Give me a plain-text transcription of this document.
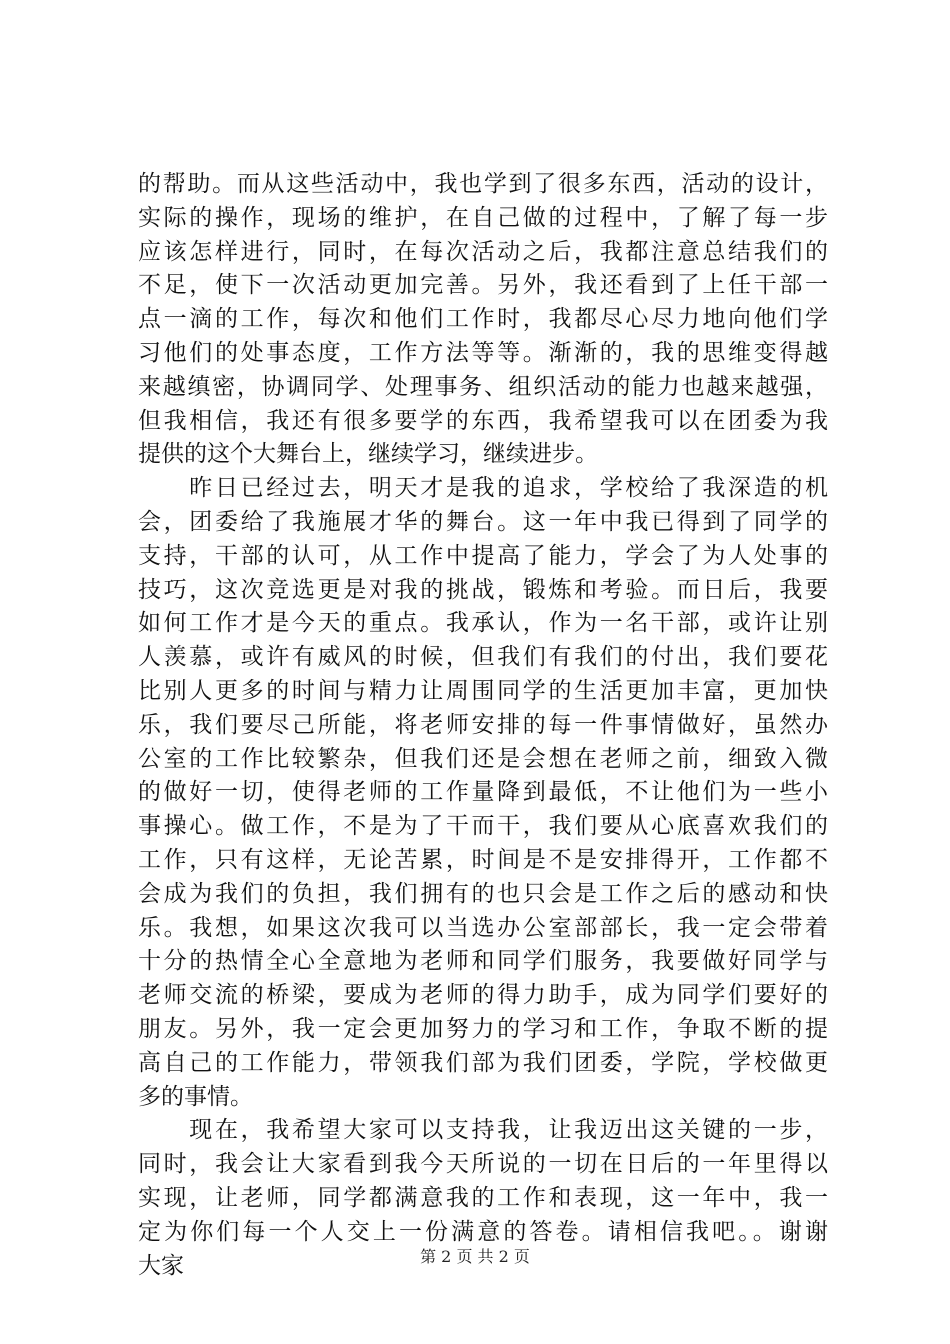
的帮助。而从这些活动中，我也学到了很多东西，活动的设计，
实际的操作，现场的维护，在自己做的过程中，了解了每一步
应该怎样进行，同时，在每次活动之后，我都注意总结我们的
不足，使下一次活动更加完善。另外，我还看到了上任干部一
点一滴的工作，每次和他们工作时，我都尽心尽力地向他们学
习他们的处事态度，工作方法等等。渐渐的，我的思维变得越
来越缜密，协调同学、处理事务、组织活动的能力也越来越强，
但我相信，我还有很多要学的东西，我希望我可以在团委为我
提供的这个大舞台上，继续学习，继续进步。
　　昨日已经过去，明天才是我的追求，学校给了我深造的机
会，团委给了我施展才华的舞台。这一年中我已得到了同学的
支持，干部的认可，从工作中提高了能力，学会了为人处事的
技巧，这次竞选更是对我的挑战，锻炼和考验。而日后，我要
如何工作才是今天的重点。我承认，作为一名干部，或许让别
人羡慕，或许有威风的时候，但我们有我们的付出，我们要花
比别人更多的时间与精力让周围同学的生活更加丰富，更加快
乐，我们要尽己所能，将老师安排的每一件事情做好，虽然办
公室的工作比较繁杂，但我们还是会想在老师之前，细致入微
的做好一切，使得老师的工作量降到最低，不让他们为一些小
事操心。做工作，不是为了干而干，我们要从心底喜欢我们的
工作，只有这样，无论苦累，时间是不是安排得开，工作都不
会成为我们的负担，我们拥有的也只会是工作之后的感动和快
乐。我想，如果这次我可以当选办公室部部长，我一定会带着
十分的热情全心全意地为老师和同学们服务，我要做好同学与
老师交流的桥梁，要成为老师的得力助手，成为同学们要好的
朋友。另外，我一定会更加努力的学习和工作，争取不断的提
高自己的工作能力，带领我们部为我们团委，学院，学校做更
多的事情。
　　现在，我希望大家可以支持我，让我迈出这关键的一步，
同时，我会让大家看到我今天所说的一切在日后的一年里得以
实现，让老师，同学都满意我的工作和表现，这一年中，我一
定为你们每一个人交上一份满意的答卷。请相信我吧。。谢谢
大家	第 2 页 共 2 页
